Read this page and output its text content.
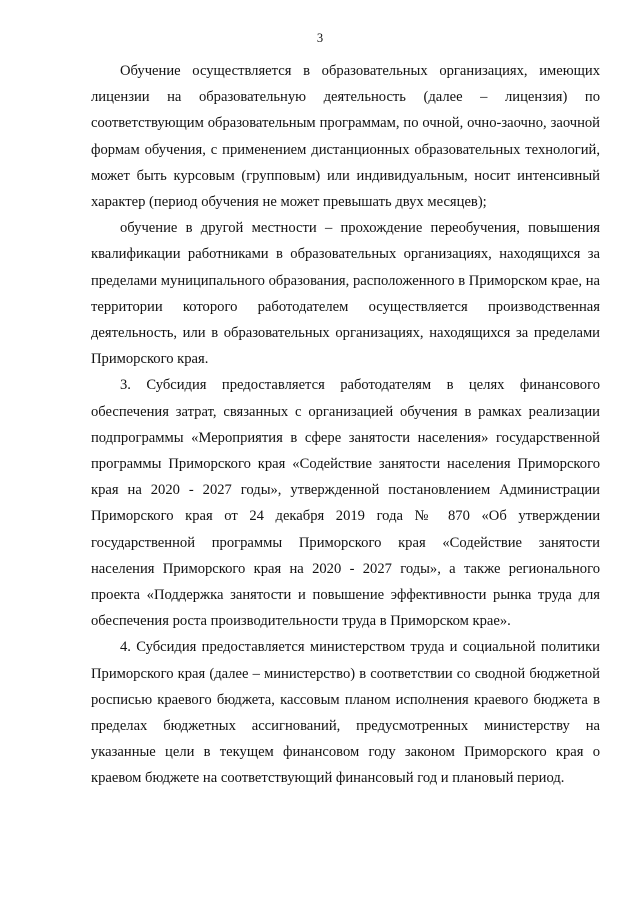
3

Обучение осуществляется в образовательных организациях, имеющих лицензии на образовательную деятельность (далее – лицензия) по соответствующим образовательным программам, по очной, очно-заочно, заочной формам обучения, с применением дистанционных образовательных технологий, может быть курсовым (групповым) или индивидуальным, носит интенсивный характер (период обучения не может превышать двух месяцев);

обучение в другой местности – прохождение переобучения, повышения квалификации работниками в образовательных организациях, находящихся за пределами муниципального образования, расположенного в Приморском крае, на территории которого работодателем осуществляется производственная деятельность, или в образовательных организациях, находящихся за пределами Приморского края.

3. Субсидия предоставляется работодателям в целях финансового обеспечения затрат, связанных с организацией обучения в рамках реализации подпрограммы «Мероприятия в сфере занятости населения» государственной программы Приморского края «Содействие занятости населения Приморского края на 2020 - 2027 годы», утвержденной постановлением Администрации Приморского края от 24 декабря 2019 года № 870 «Об утверждении государственной программы Приморского края «Содействие занятости населения Приморского края на 2020 - 2027 годы», а также регионального проекта «Поддержка занятости и повышение эффективности рынка труда для обеспечения роста производительности труда в Приморском крае».

4. Субсидия предоставляется министерством труда и социальной политики Приморского края (далее – министерство) в соответствии со сводной бюджетной росписью краевого бюджета, кассовым планом исполнения краевого бюджета в пределах бюджетных ассигнований, предусмотренных министерству на указанные цели в текущем финансовом году законом Приморского края о краевом бюджете на соответствующий финансовый год и плановый период.
